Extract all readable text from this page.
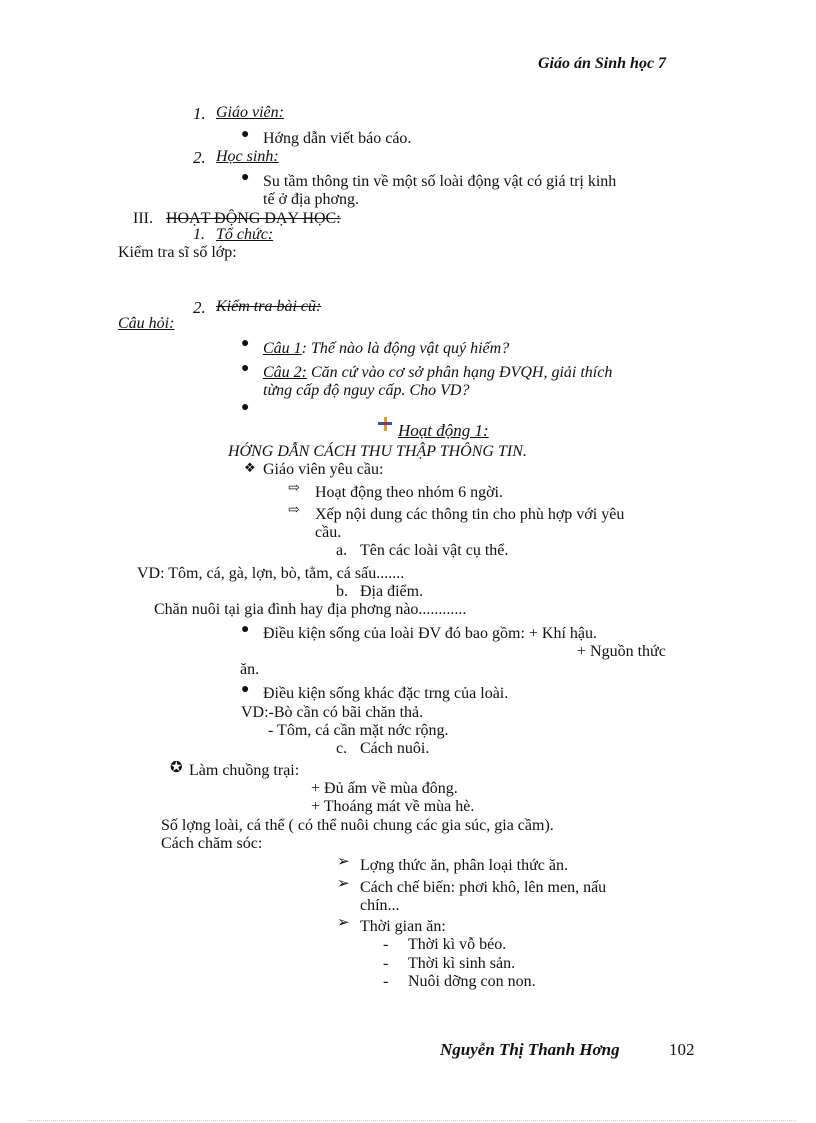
Giáo án Sinh học 7
1. Giáo viên:
● Hớng dẫn viết báo cáo.
2. Học sinh:
● Su tầm thông tin về một số loài động vật có giá trị kinh
tế ở địa phơng.
III. HOẠT ĐỘNG DẠY HỌC:
1. Tổ chức:
Kiểm tra sĩ số lớp:
2. Kiểm tra bài cũ:
Câu hỏi:
● Câu 1: Thế nào là động vật quý hiếm?
● Câu 2: Căn cứ vào cơ sở phân hạng ĐVQH, giải thích
từng cấp độ nguy cấp. Cho VD?
●
Hoạt động 1:
HỚNG DẪN CÁCH THU THẬP THÔNG TIN.
❖ Giáo viên yêu cầu:
⇨ Hoạt động theo nhóm 6 ngời.
⇨ Xếp nội dung các thông tin cho phù hợp với yêu
cầu.
a. Tên các loài vật cụ thể.
VD: Tôm, cá, gà, lợn, bò, tằm, cá sấu.......
b. Địa điểm.
Chăn nuôi tại gia đình hay địa phơng nào............
● Điều kiện sống của loài ĐV đó bao gồm: + Khí hậu.
+ Nguồn thức
ăn.
● Điều kiện sống khác đặc trng của loài.
VD:-Bò cần có bãi chăn thả.
- Tôm, cá cần mặt nớc rộng.
c. Cách nuôi.
✪ Làm chuồng trại:
+ Đủ ấm về mùa đông.
+ Thoáng mát về mùa hè.
Số lợng loài, cá thể ( có thể nuôi chung các gia súc, gia cầm).
Cách chăm sóc:
➢ Lợng thức ăn, phân loại thức ăn.
➢ Cách chế biến: phơi khô, lên men, nấu
chín...
➢ Thời gian ăn:
- Thời kì vỗ béo.
- Thời kì sinh sản.
- Nuôi dỡng con non.
Nguyễn Thị Thanh Hơng	102
